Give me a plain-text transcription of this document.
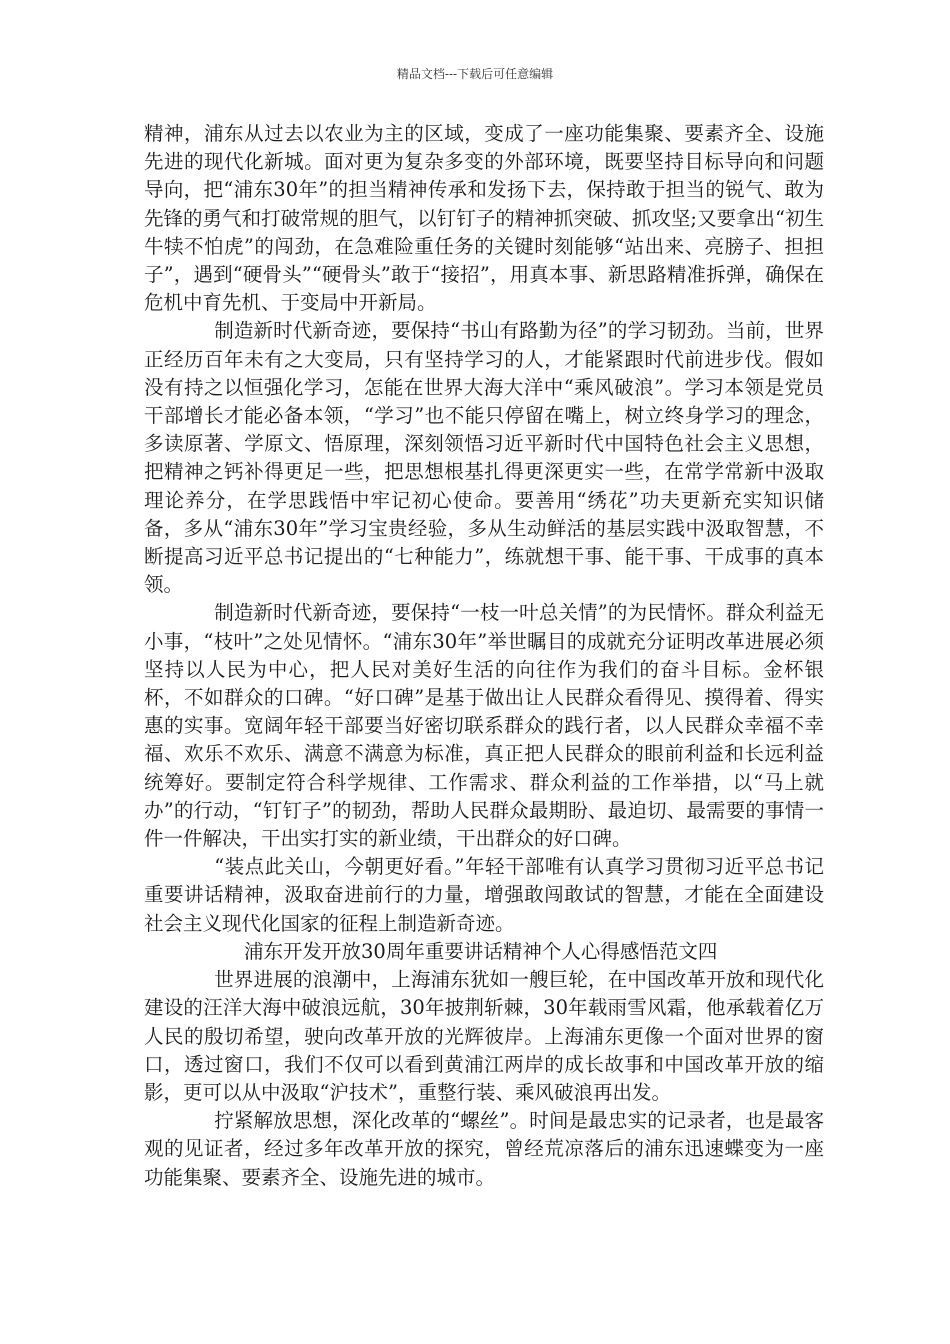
精品文档---下载后可任意编辑

精神，浦东从过去以农业为主的区域，变成了一座功能集聚、要素齐全、设施先进的现代化新城。面对更为复杂多变的外部环境，既要坚持目标导向和问题导向，把“浦东30年”的担当精神传承和发扬下去，保持敢于担当的锐气、敢为先锋的勇气和打破常规的胆气，以钉钉子的精神抓突破、抓攻坚;又要拿出“初生牛犊不怕虎”的闯劲，在急难险重任务的关键时刻能够“站出来、亮膀子、担担子”，遇到“硬骨头”“硬骨头”敢于“接招”，用真本事、新思路精准拆弹，确保在危机中育先机、于变局中开新局。

制造新时代新奇迹，要保持“书山有路勤为径”的学习韧劲。当前，世界正经历百年未有之大变局，只有坚持学习的人，才能紧跟时代前进步伐。假如没有持之以恒强化学习，怎能在世界大海大洋中“乘风破浪”。学习本领是党员干部增长才能必备本领，“学习”也不能只停留在嘴上，树立终身学习的理念，多读原著、学原文、悟原理，深刻领悟习近平新时代中国特色社会主义思想，把精神之钙补得更足一些，把思想根基扎得更深更实一些，在常学常新中汲取理论养分，在学思践悟中牢记初心使命。要善用“绣花”功夫更新充实知识储备，多从“浦东30年”学习宝贵经验，多从生动鲜活的基层实践中汲取智慧，不断提高习近平总书记提出的“七种能力”，练就想干事、能干事、干成事的真本领。

制造新时代新奇迹，要保持“一枝一叶总关情”的为民情怀。群众利益无小事，“枝叶”之处见情怀。“浦东30年”举世瞩目的成就充分证明改革进展必须坚持以人民为中心，把人民对美好生活的向往作为我们的奋斗目标。金杯银杯，不如群众的口碑。“好口碑”是基于做出让人民群众看得见、摸得着、得实惠的实事。宽阔年轻干部要当好密切联系群众的践行者，以人民群众幸福不幸福、欢乐不欢乐、满意不满意为标准，真正把人民群众的眼前利益和长远利益统筹好。要制定符合科学规律、工作需求、群众利益的工作举措，以“马上就办”的行动，“钉钉子”的韧劲，帮助人民群众最期盼、最迫切、最需要的事情一件一件解决，干出实打实的新业绩，干出群众的好口碑。

“装点此关山，今朝更好看。”年轻干部唯有认真学习贯彻习近平总书记重要讲话精神，汲取奋进前行的力量，增强敢闯敢试的智慧，才能在全面建设社会主义现代化国家的征程上制造新奇迹。

浦东开发开放30周年重要讲话精神个人心得感悟范文四

世界进展的浪潮中，上海浦东犹如一艘巨轮，在中国改革开放和现代化建设的汪洋大海中破浪远航，30年披荆斩棘，30年载雨雪风霜，他承载着亿万人民的殷切希望，驶向改革开放的光辉彼岸。上海浦东更像一个面对世界的窗口，透过窗口，我们不仅可以看到黄浦江两岸的成长故事和中国改革开放的缩影，更可以从中汲取“沪技术”，重整行装、乘风破浪再出发。

拧紧解放思想，深化改革的“螺丝”。时间是最忠实的记录者，也是最客观的见证者，经过多年改革开放的探究，曾经荒凉落后的浦东迅速蝶变为一座功能集聚、要素齐全、设施先进的城市。
